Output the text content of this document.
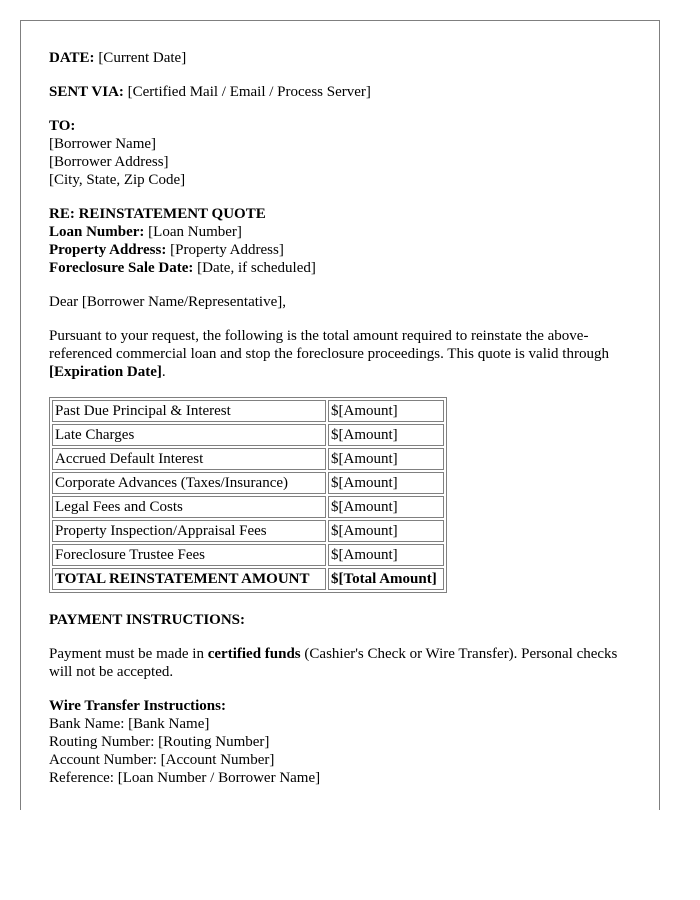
DATE: [Current Date]

SENT VIA: [Certified Mail / Email / Process Server]

TO:
[Borrower Name]
[Borrower Address]
[City, State, Zip Code]
RE: REINSTATEMENT QUOTE
Loan Number: [Loan Number]
Property Address: [Property Address]
Foreclosure Sale Date: [Date, if scheduled]

Dear [Borrower Name/Representative],

Pursuant to your request, the following is the total amount required to reinstate the above-referenced commercial loan and stop the foreclosure proceedings. This quote is valid through [Expiration Date].

Past Due Principal & Interest	$[Amount]
Late Charges	$[Amount]
Accrued Default Interest	$[Amount]
Corporate Advances (Taxes/Insurance)	$[Amount]
Legal Fees and Costs	$[Amount]
Property Inspection/Appraisal Fees	$[Amount]
Foreclosure Trustee Fees	$[Amount]
TOTAL REINSTATEMENT AMOUNT	$[Total Amount]
PAYMENT INSTRUCTIONS:

Payment must be made in certified funds (Cashier's Check or Wire Transfer). Personal checks will not be accepted.

Wire Transfer Instructions:
Bank Name: [Bank Name]
Routing Number: [Routing Number]
Account Number: [Account Number]
Reference: [Loan Number / Borrower Name]
